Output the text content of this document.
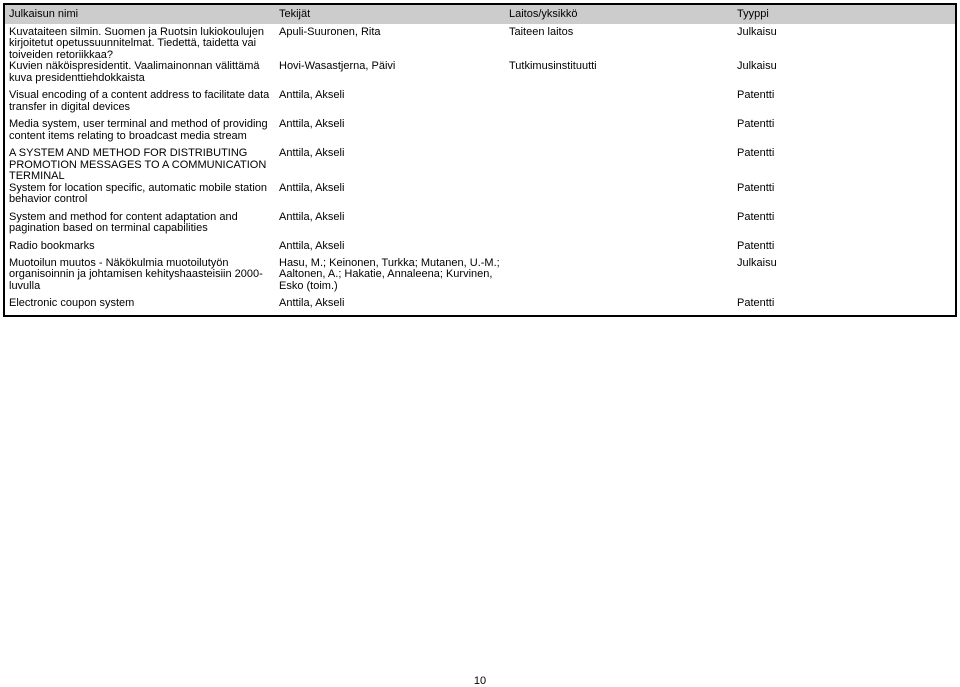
Julkaisun nimi	Tekijät	Laitos/yksikkö	Tyyppi
Kuvataiteen silmin. Suomen ja Ruotsin lukiokoulujen kirjoitetut opetussuunnitelmat. Tiedettä, taidetta vai toiveiden retoriikkaa?	Apuli-Suuronen, Rita	Taiteen laitos	Julkaisu
Kuvien näköispresidentit. Vaalimainonnan välittämä kuva presidenttiehdokkaista	Hovi-Wasastjerna, Päivi	Tutkimusinstituutti	Julkaisu
Visual encoding of a content address to facilitate data transfer in digital devices	Anttila, Akseli		Patentti
Media system, user terminal and method of providing content items relating to broadcast media stream	Anttila, Akseli		Patentti
A SYSTEM AND METHOD FOR DISTRIBUTING PROMOTION MESSAGES TO A COMMUNICATION TERMINAL	Anttila, Akseli		Patentti
System for location specific, automatic mobile station behavior control	Anttila, Akseli		Patentti
System and method for content adaptation and pagination based on terminal capabilities	Anttila, Akseli		Patentti
Radio bookmarks	Anttila, Akseli		Patentti
Muotoilun muutos - Näkökulmia muotoilutyön organisoinnin ja johtamisen kehityshaasteisiin 2000-luvulla	Hasu, M.; Keinonen, Turkka; Mutanen, U.-M.; Aaltonen, A.; Hakatie, Annaleena; Kurvinen, Esko (toim.)		Julkaisu
Electronic coupon system	Anttila, Akseli		Patentti
10
